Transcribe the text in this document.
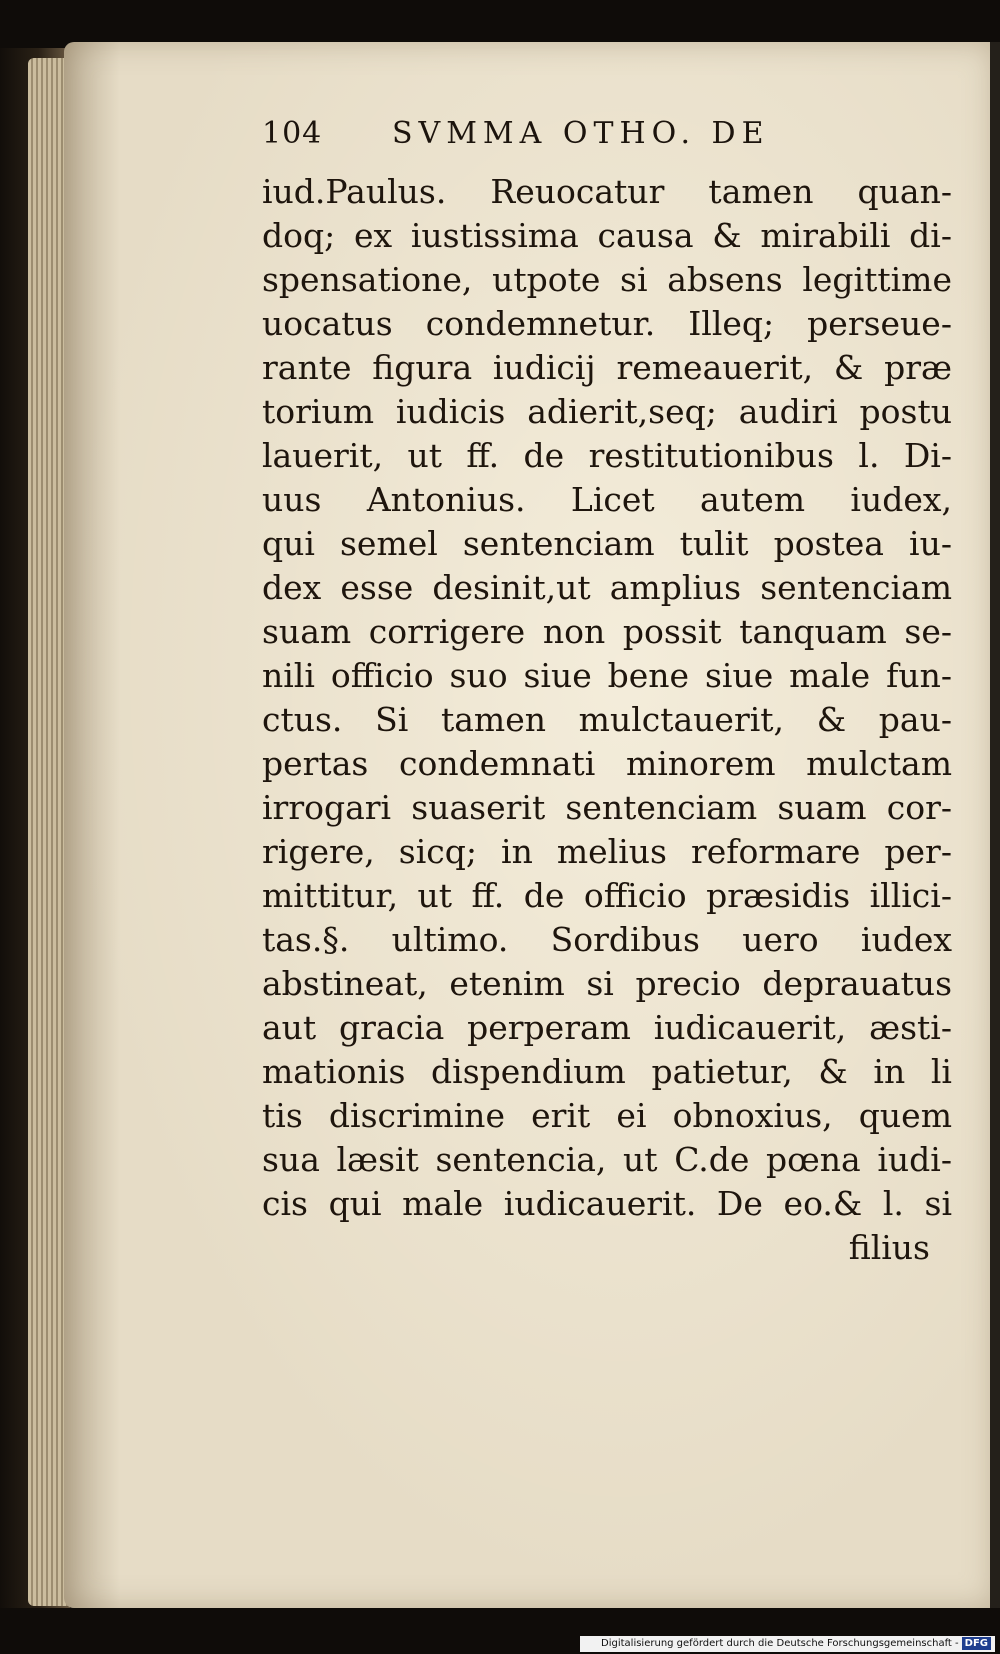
104 SVMMA OTHO. DE
iud.Paulus. Reuocatur tamen quan-
doq; ex iustissima causa & mirabili di-
spensatione, utpote si absens legittime
uocatus condemnetur. Illeq; perseue-
rante figura iudicij remeauerit, & præ
torium iudicis adierit,seq; audiri postu
lauerit, ut ff. de restitutionibus l. Di-
uus Antonius. Licet autem iudex,
qui semel sentenciam tulit postea iu-
dex esse desinit,ut amplius sentenciam
suam corrigere non possit tanquam se-
nili officio suo siue bene siue male fun-
ctus. Si tamen mulctauerit, & pau-
pertas condemnati minorem mulctam
irrogari suaserit sentenciam suam cor-
rigere, sicq; in melius reformare per-
mittitur, ut ff. de officio præsidis illici-
tas.§. ultimo. Sordibus uero iudex
abstineat, etenim si precio deprauatus
aut gracia perperam iudicauerit, æsti-
mationis dispendium patietur, & in li
tis discrimine erit ei obnoxius, quem
sua læsit sentencia, ut C.de pœna iudi-
cis qui male iudicauerit. De eo.& l. si
filius
Digitalisierung gefördert durch die Deutsche Forschungsgemeinschaft - DFG
